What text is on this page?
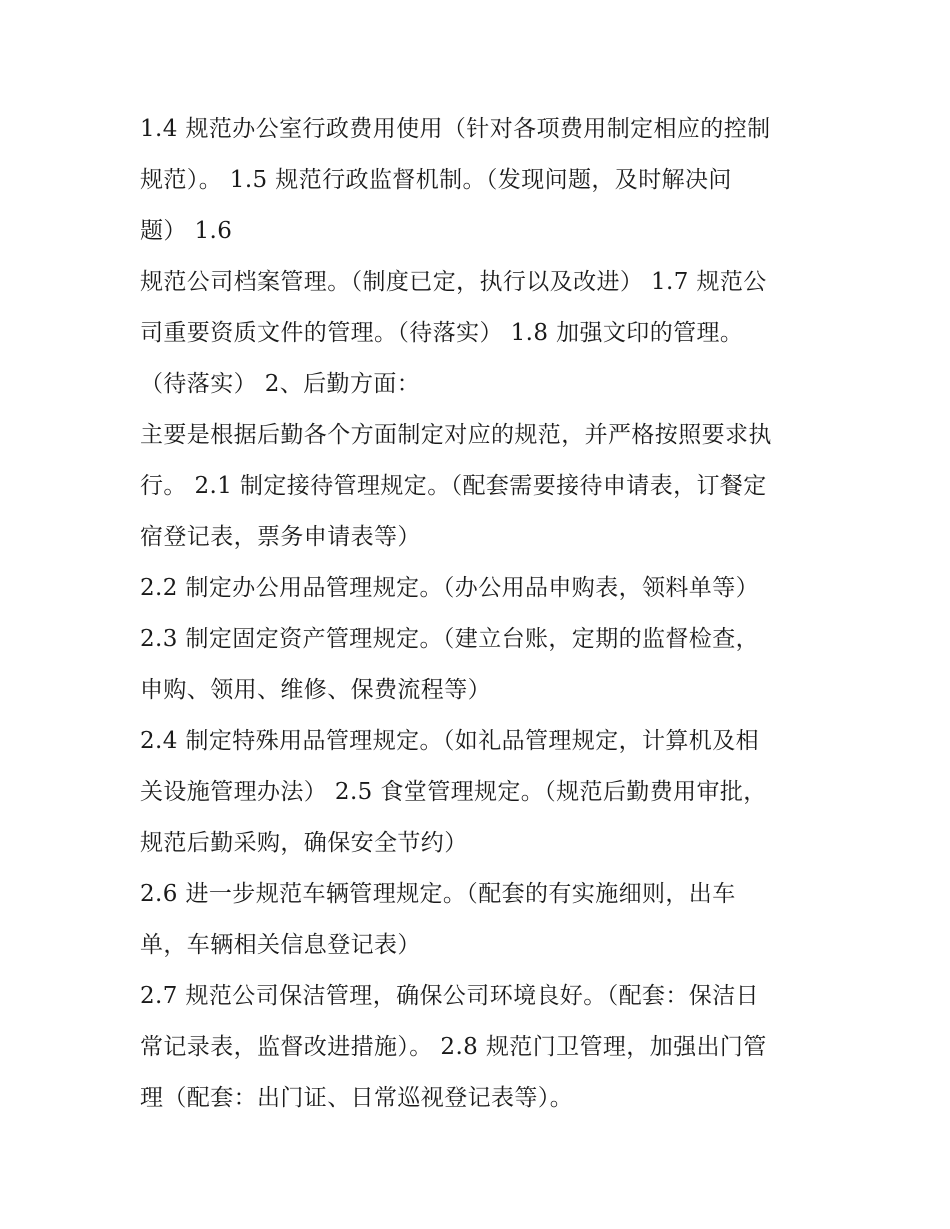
1.4 规范办公室行政费用使用（针对各项费用制定相应的控制
规范）。 1.5 规范行政监督机制。（发现问题，及时解决问
题） 1.6
规范公司档案管理。（制度已定，执行以及改进） 1.7 规范公
司重要资质文件的管理。（待落实） 1.8 加强文印的管理。
（待落实） 2、后勤方面：
主要是根据后勤各个方面制定对应的规范，并严格按照要求执
行。 2.1 制定接待管理规定。（配套需要接待申请表，订餐定
宿登记表，票务申请表等）
2.2 制定办公用品管理规定。（办公用品申购表，领料单等）
2.3 制定固定资产管理规定。（建立台账，定期的监督检查，
申购、领用、维修、保费流程等）
2.4 制定特殊用品管理规定。（如礼品管理规定，计算机及相
关设施管理办法） 2.5 食堂管理规定。（规范后勤费用审批，
规范后勤采购，确保安全节约）
2.6 进一步规范车辆管理规定。（配套的有实施细则，出车
单，车辆相关信息登记表）
2.7 规范公司保洁管理，确保公司环境良好。（配套：保洁日
常记录表，监督改进措施）。 2.8 规范门卫管理，加强出门管
理（配套：出门证、日常巡视登记表等）。
